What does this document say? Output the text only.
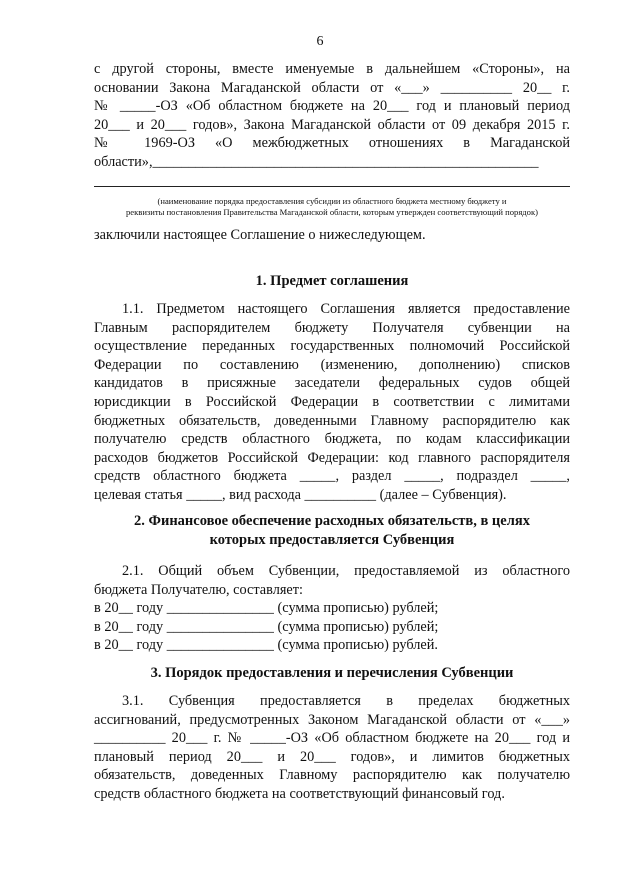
6
с другой стороны, вместе именуемые в дальнейшем «Стороны», на
основании Закона Магаданской области от «___» __________ 20__ г.
№ _____-ОЗ «Об областном бюджете на 20___ год и плановый период
20___ и 20___ годов», Закона Магаданской области от 09 декабря 2015 г.
№ 1969-ОЗ «О межбюджетных отношениях в Магаданской
области»,______________________________________________________
(наименование порядка предоставления субсидии из областного бюджета местному бюджету и
реквизиты постановления Правительства Магаданской области, которым утвержден соответствующий порядок)
заключили настоящее Соглашение о нижеследующем.
1. Предмет соглашения
1.1. Предметом настоящего Соглашения является предоставление
Главным распорядителем бюджету Получателя субвенции на
осуществление переданных государственных полномочий Российской
Федерации по составлению (изменению, дополнению) списков
кандидатов в присяжные заседатели федеральных судов общей
юрисдикции в Российской Федерации в соответствии с лимитами
бюджетных обязательств, доведенными Главному распорядителю как
получателю средств областного бюджета, по кодам классификации
расходов бюджетов Российской Федерации: код главного распорядителя
средств областного бюджета _____, раздел _____, подраздел _____,
целевая статья _____, вид расхода __________ (далее – Субвенция).
2. Финансовое обеспечение расходных обязательств, в целях
которых предоставляется Субвенция
2.1. Общий объем Субвенции, предоставляемой из областного
бюджета Получателю, составляет:
в 20__ году _______________ (сумма прописью) рублей;
в 20__ году _______________ (сумма прописью) рублей;
в 20__ году _______________ (сумма прописью) рублей.
3. Порядок предоставления и перечисления Субвенции
3.1. Субвенция предоставляется в пределах бюджетных
ассигнований, предусмотренных Законом Магаданской области от «___»
__________ 20___ г. № _____-ОЗ «Об областном бюджете на 20___ год и
плановый период 20___ и 20___ годов», и лимитов бюджетных
обязательств, доведенных Главному распорядителю как получателю
средств областного бюджета на соответствующий финансовый год.
